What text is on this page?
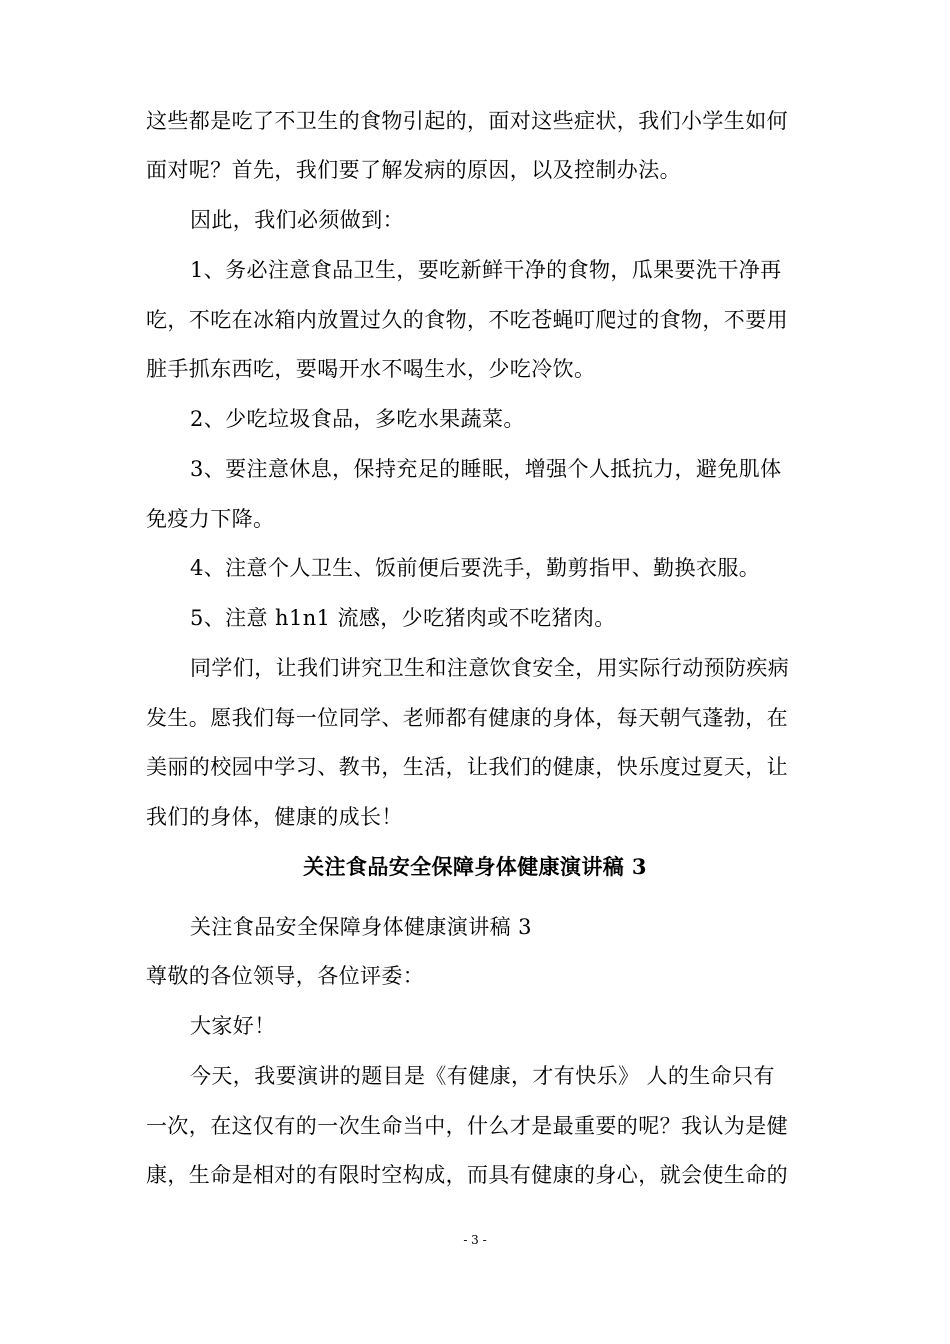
这些都是吃了不卫生的食物引起的，面对这些症状，我们小学生如何
面对呢？首先，我们要了解发病的原因，以及控制办法。
因此，我们必须做到：
1、务必注意食品卫生，要吃新鲜干净的食物，瓜果要洗干净再
吃，不吃在冰箱内放置过久的食物，不吃苍蝇叮爬过的食物，不要用
脏手抓东西吃，要喝开水不喝生水，少吃冷饮。
2、少吃垃圾食品，多吃水果蔬菜。
3、要注意休息，保持充足的睡眠，增强个人抵抗力，避免肌体
免疫力下降。
4、注意个人卫生、饭前便后要洗手，勤剪指甲、勤换衣服。
5、注意 h1n1 流感，少吃猪肉或不吃猪肉。
同学们，让我们讲究卫生和注意饮食安全，用实际行动预防疾病
发生。愿我们每一位同学、老师都有健康的身体，每天朝气蓬勃，在
美丽的校园中学习、教书，生活，让我们的健康，快乐度过夏天，让
我们的身体，健康的成长！
关注食品安全保障身体健康演讲稿 3
关注食品安全保障身体健康演讲稿 3
尊敬的各位领导，各位评委：
大家好！
今天，我要演讲的题目是《有健康，才有快乐》 人的生命只有
一次，在这仅有的一次生命当中，什么才是最重要的呢？我认为是健
康，生命是相对的有限时空构成，而具有健康的身心，就会使生命的
- 3 -
